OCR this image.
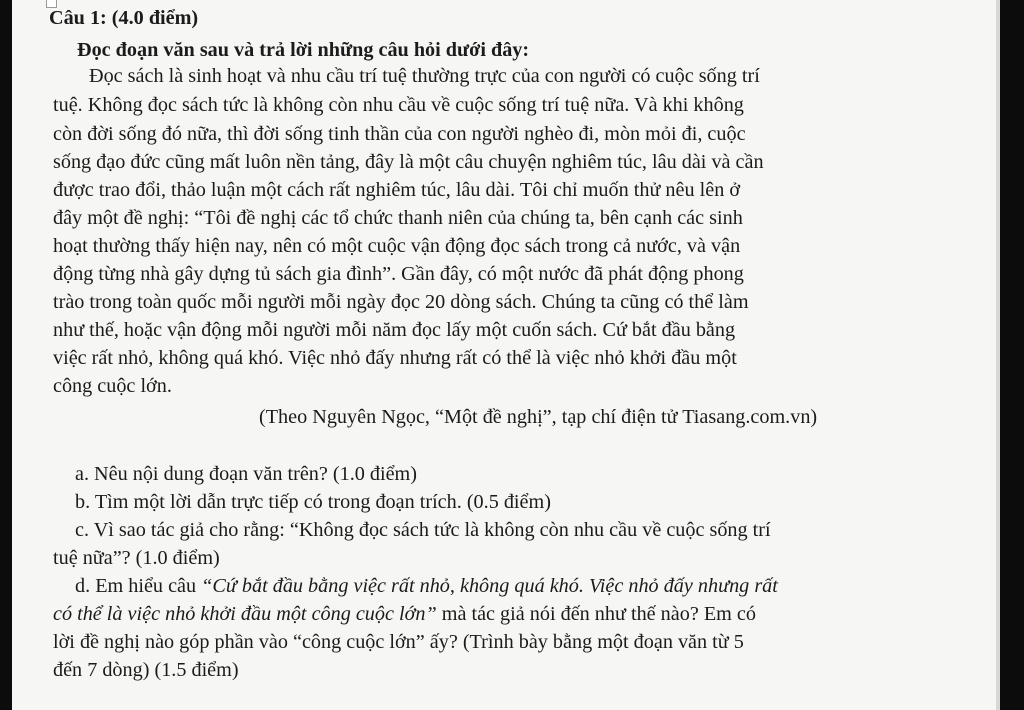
Câu 1: (4.0 điểm)
Đọc đoạn văn sau và trả lời những câu hỏi dưới đây:
Đọc sách là sinh hoạt và nhu cầu trí tuệ thường trực của con người có cuộc sống trí
tuệ. Không đọc sách tức là không còn nhu cầu về cuộc sống trí tuệ nữa. Và khi không
còn đời sống đó nữa, thì đời sống tinh thần của con người nghèo đi, mòn mỏi đi, cuộc
sống đạo đức cũng mất luôn nền tảng, đây là một câu chuyện nghiêm túc, lâu dài và cần
được trao đổi, thảo luận một cách rất nghiêm túc, lâu dài. Tôi chỉ muốn thử nêu lên ở
đây một đề nghị: “Tôi đề nghị các tổ chức thanh niên của chúng ta, bên cạnh các sinh
hoạt thường thấy hiện nay, nên có một cuộc vận động đọc sách trong cả nước, và vận
động từng nhà gây dựng tủ sách gia đình”. Gần đây, có một nước đã phát động phong
trào trong toàn quốc mỗi người mỗi ngày đọc 20 dòng sách. Chúng ta cũng có thể làm
như thế, hoặc vận động mỗi người mỗi năm đọc lấy một cuốn sách. Cứ bắt đầu bằng
việc rất nhỏ, không quá khó. Việc nhỏ đấy nhưng rất có thể là việc nhỏ khởi đầu một
công cuộc lớn.
(Theo Nguyên Ngọc, “Một đề nghị”, tạp chí điện tử Tiasang.com.vn)
a. Nêu nội dung đoạn văn trên? (1.0 điểm)
b. Tìm một lời dẫn trực tiếp có trong đoạn trích. (0.5 điểm)
c. Vì sao tác giả cho rằng: “Không đọc sách tức là không còn nhu cầu về cuộc sống trí
tuệ nữa”? (1.0 điểm)
d. Em hiểu câu “Cứ bắt đầu bằng việc rất nhỏ, không quá khó. Việc nhỏ đấy nhưng rất
có thể là việc nhỏ khởi đầu một công cuộc lớn” mà tác giả nói đến như thế nào? Em có
lời đề nghị nào góp phần vào “công cuộc lớn” ấy? (Trình bày bằng một đoạn văn từ 5
đến 7 dòng) (1.5 điểm)
